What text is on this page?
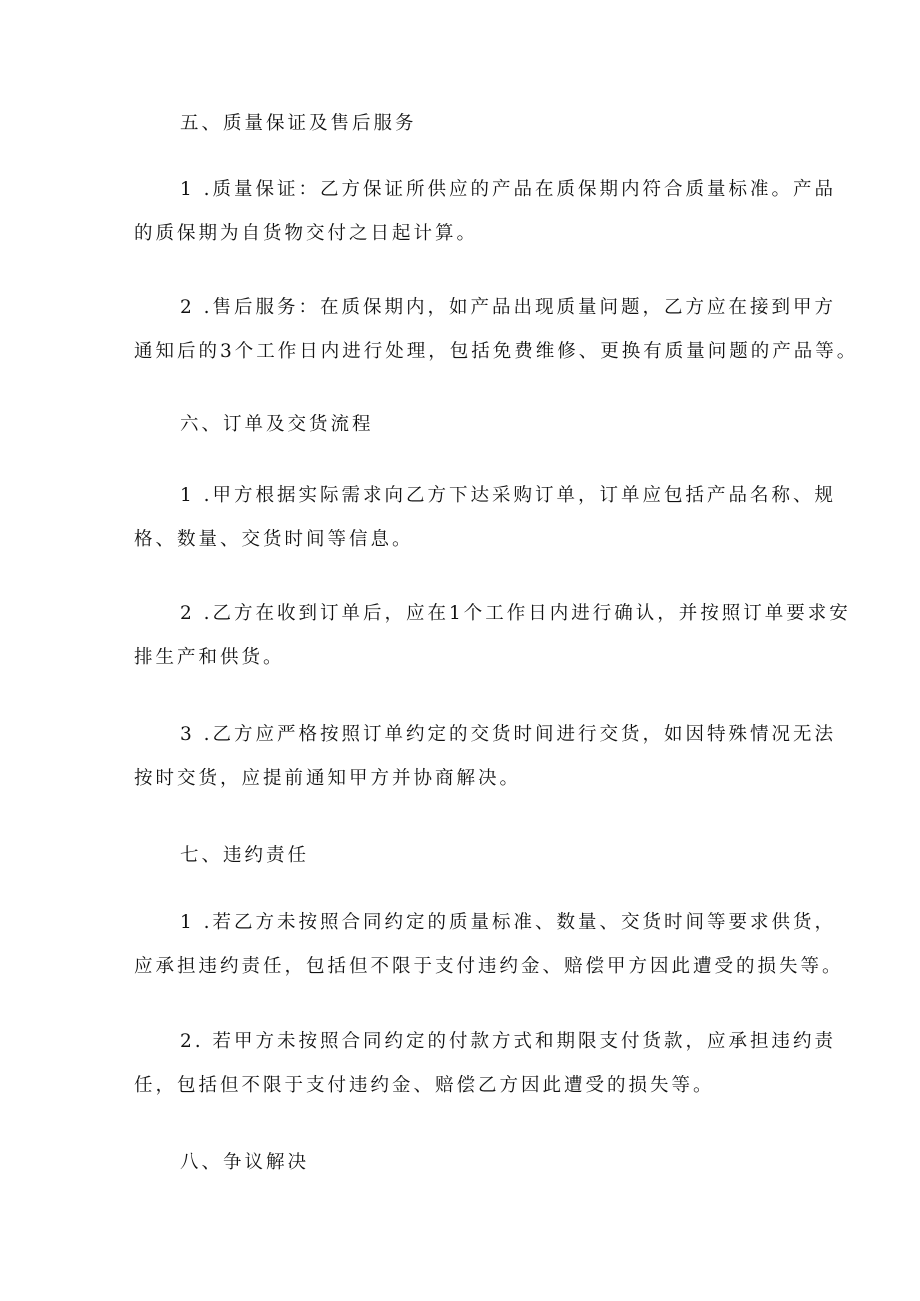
五、质量保证及售后服务
1 .质量保证：乙方保证所供应的产品在质保期内符合质量标准。产品
的质保期为自货物交付之日起计算。
2 .售后服务：在质保期内，如产品出现质量问题，乙方应在接到甲方
通知后的3个工作日内进行处理，包括免费维修、更换有质量问题的产品等。
六、订单及交货流程
1 .甲方根据实际需求向乙方下达采购订单，订单应包括产品名称、规
格、数量、交货时间等信息。
2 .乙方在收到订单后，应在1个工作日内进行确认，并按照订单要求安
排生产和供货。
3 .乙方应严格按照订单约定的交货时间进行交货，如因特殊情况无法
按时交货，应提前通知甲方并协商解决。
七、违约责任
1 .若乙方未按照合同约定的质量标准、数量、交货时间等要求供货，
应承担违约责任，包括但不限于支付违约金、赔偿甲方因此遭受的损失等。
2. 若甲方未按照合同约定的付款方式和期限支付货款，应承担违约责
任，包括但不限于支付违约金、赔偿乙方因此遭受的损失等。
八、争议解决
